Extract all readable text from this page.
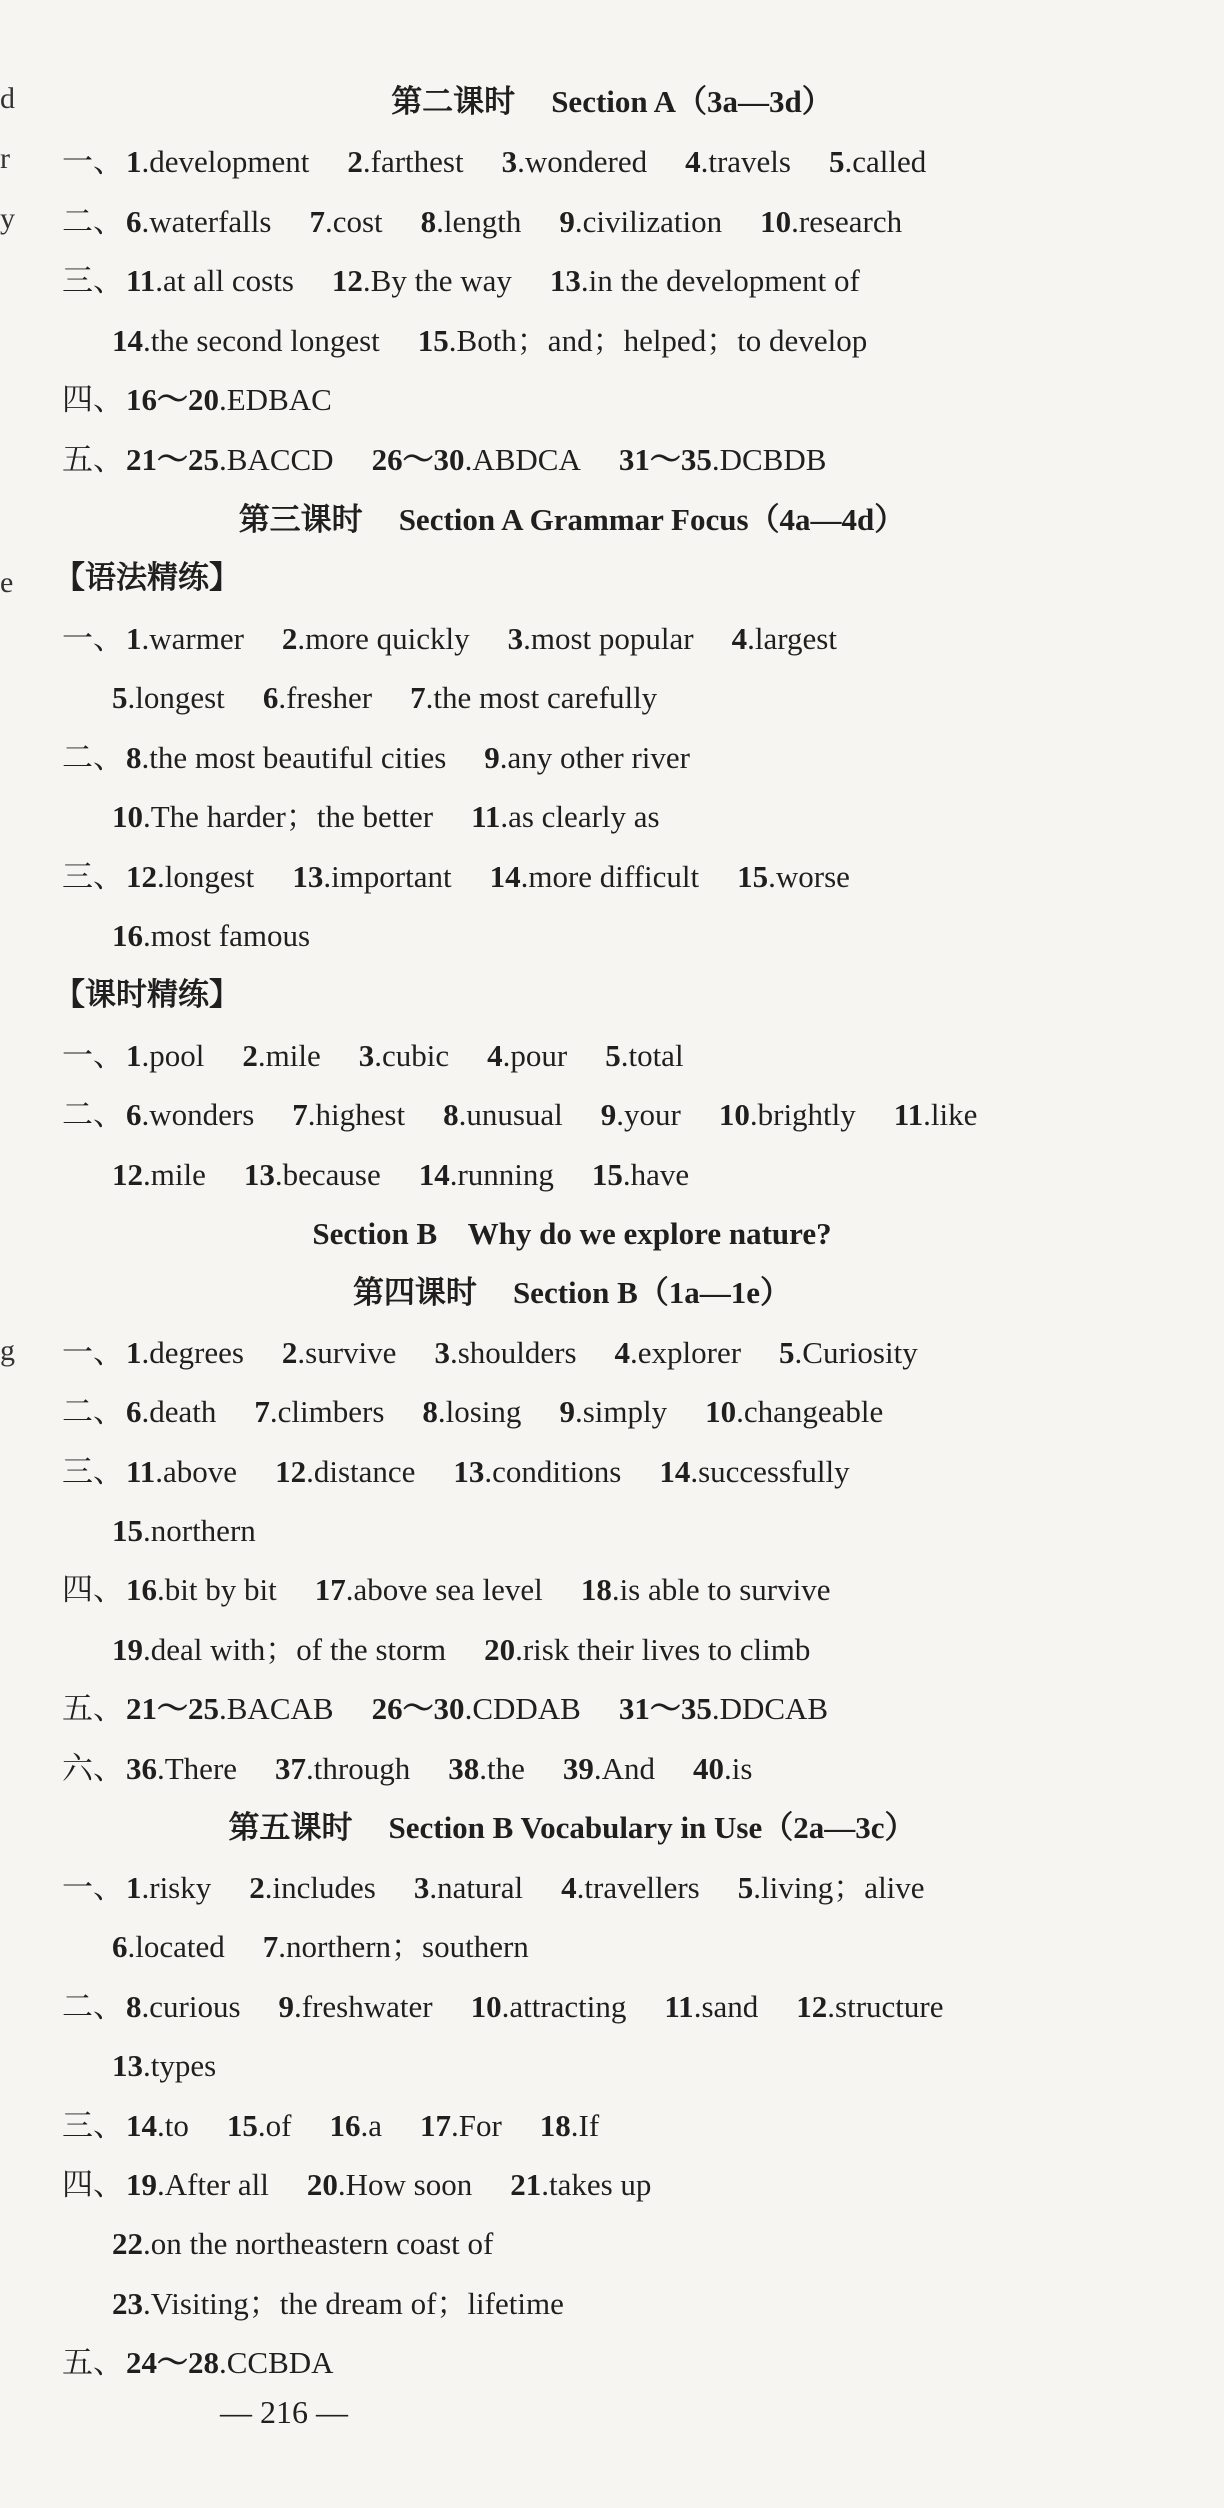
d
r
y
e
g
第二课时 Section A（3a—3d）
一、1.development 2.farthest 3.wondered 4.travels 5.called
二、6.waterfalls 7.cost 8.length 9.civilization 10.research
三、11.at all costs 12.By the way 13.in the development of
14.the second longest 15.Both；and；helped；to develop
四、16～20.EDBAC
五、21～25.BACCD 26～30.ABDCA 31～35.DCBDB
第三课时 Section A Grammar Focus（4a—4d）
【语法精练】
一、1.warmer 2.more quickly 3.most popular 4.largest
5.longest 6.fresher 7.the most carefully
二、8.the most beautiful cities 9.any other river
10.The harder；the better 11.as clearly as
三、12.longest 13.important 14.more difficult 15.worse
16.most famous
【课时精练】
一、1.pool 2.mile 3.cubic 4.pour 5.total
二、6.wonders 7.highest 8.unusual 9.your 10.brightly 11.like
12.mile 13.because 14.running 15.have
Section B    Why do we explore nature?
第四课时 Section B（1a—1e）
一、1.degrees 2.survive 3.shoulders 4.explorer 5.Curiosity
二、6.death 7.climbers 8.losing 9.simply 10.changeable
三、11.above 12.distance 13.conditions 14.successfully
15.northern
四、16.bit by bit 17.above sea level 18.is able to survive
19.deal with；of the storm 20.risk their lives to climb
五、21～25.BACAB 26～30.CDDAB 31～35.DDCAB
六、36.There 37.through 38.the 39.And 40.is
第五课时 Section B Vocabulary in Use（2a—3c）
一、1.risky 2.includes 3.natural 4.travellers 5.living；alive
6.located 7.northern；southern
二、8.curious 9.freshwater 10.attracting 11.sand 12.structure
13.types
三、14.to 15.of 16.a 17.For 18.If
四、19.After all 20.How soon 21.takes up
22.on the northeastern coast of
23.Visiting；the dream of；lifetime
五、24～28.CCBDA
— 216 —
